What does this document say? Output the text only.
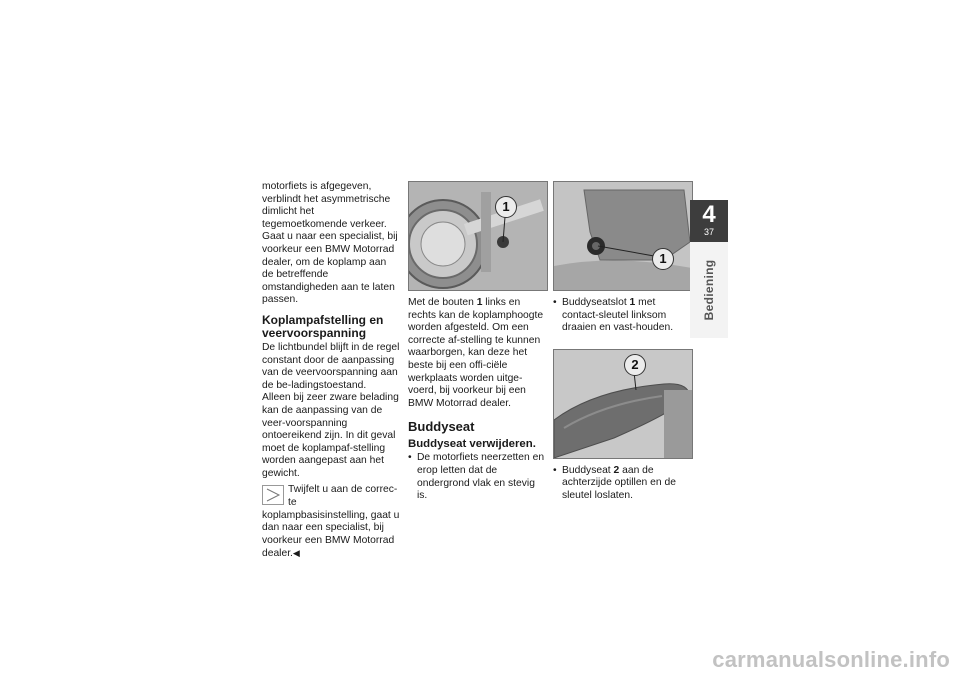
motorfiets is afgegeven, verblindt het asymmetrische dimlicht het tegemoetkomende verkeer.

Gaat u naar een specialist, bij voorkeur een BMW Motorrad dealer, om de koplamp aan de betreffende omstandigheden aan te laten passen.

Koplampafstelling en veervoorspanning

De lichtbundel blijft in de regel constant door de aanpassing van de veervoorspanning aan de be-ladingstoestand.

Alleen bij zeer zware belading kan de aanpassing van de veer-voorspanning ontoereikend zijn. In dit geval moet de koplampaf-stelling worden aangepast aan het gewicht.

Twijfelt u aan de correc-te koplampbasisinstelling, gaat u dan naar een specialist, bij voorkeur een BMW Motorrad dealer.◀
1

Met de bouten 1 links en rechts kan de koplamphoogte worden afgesteld. Om een correcte af-stelling te kunnen waarborgen, kan deze het beste bij een offi-ciële werkplaats worden uitge-voerd, bij voorkeur bij een BMW Motorrad dealer.

Buddyseat
Buddyseat verwijderen.

• De motorfiets neerzetten en erop letten dat de ondergrond vlak en stevig is.

1

• Buddyseatslot 1 met contact-sleutel linksom draaien en vast-houden.

2

• Buddyseat 2 aan de achterzijde optillen en de sleutel loslaten.

4
37
Bediening
carmanualsonline.info
